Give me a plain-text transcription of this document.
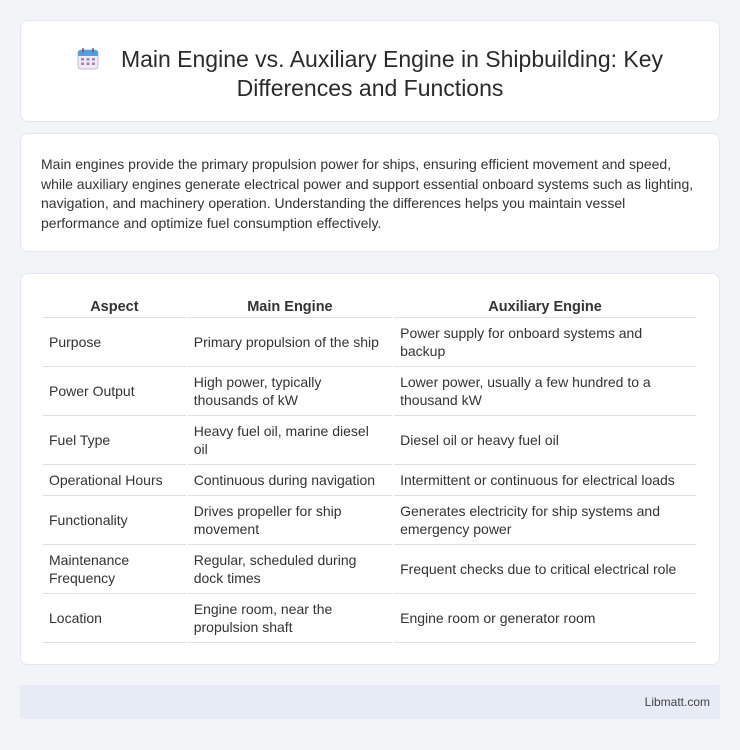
Main Engine vs. Auxiliary Engine in Shipbuilding: Key Differences and Functions

Main engines provide the primary propulsion power for ships, ensuring efficient movement and speed, while auxiliary engines generate electrical power and support essential onboard systems such as lighting, navigation, and machinery operation. Understanding the differences helps you maintain vessel performance and optimize fuel consumption effectively.

Aspect	Main Engine	Auxiliary Engine
Purpose	Primary propulsion of the ship	Power supply for onboard systems and backup
Power Output	High power, typically thousands of kW	Lower power, usually a few hundred to a thousand kW
Fuel Type	Heavy fuel oil, marine diesel oil	Diesel oil or heavy fuel oil
Operational Hours	Continuous during navigation	Intermittent or continuous for electrical loads
Functionality	Drives propeller for ship movement	Generates electricity for ship systems and emergency power
Maintenance Frequency	Regular, scheduled during dock times	Frequent checks due to critical electrical role
Location	Engine room, near the propulsion shaft	Engine room or generator room
Libmatt.com
